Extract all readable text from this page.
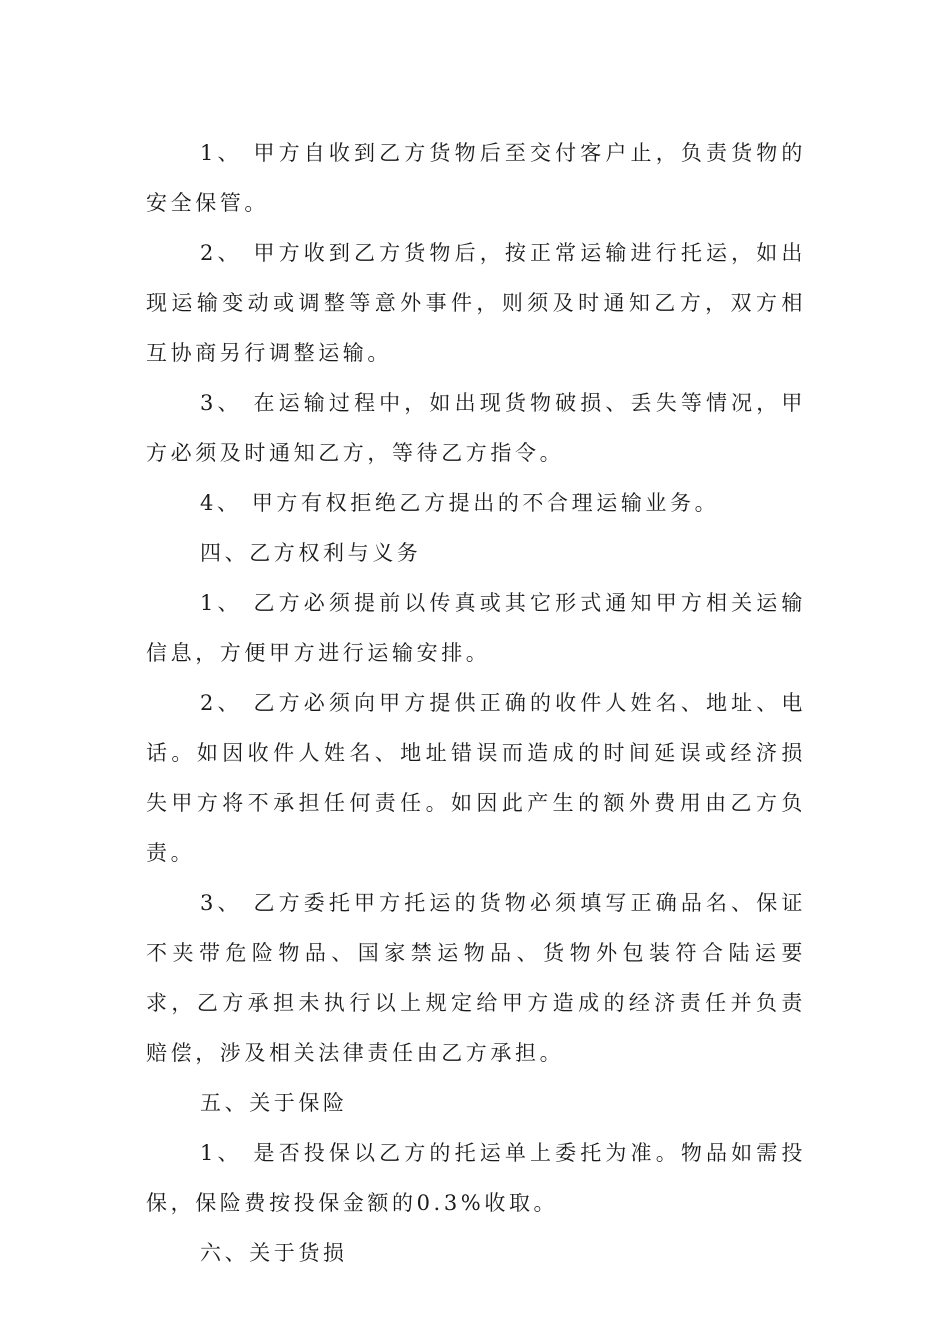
1、 甲方自收到乙方货物后至交付客户止，负责货物的安全保管。

2、 甲方收到乙方货物后，按正常运输进行托运，如出现运输变动或调整等意外事件，则须及时通知乙方，双方相互协商另行调整运输。

3、 在运输过程中，如出现货物破损、丢失等情况，甲方必须及时通知乙方，等待乙方指令。

4、 甲方有权拒绝乙方提出的不合理运输业务。

四、乙方权利与义务

1、 乙方必须提前以传真或其它形式通知甲方相关运输信息，方便甲方进行运输安排。

2、 乙方必须向甲方提供正确的收件人姓名、地址、电话。如因收件人姓名、地址错误而造成的时间延误或经济损失甲方将不承担任何责任。如因此产生的额外费用由乙方负责。

3、 乙方委托甲方托运的货物必须填写正确品名、保证不夹带危险物品、国家禁运物品、货物外包装符合陆运要求，乙方承担未执行以上规定给甲方造成的经济责任并负责赔偿，涉及相关法律责任由乙方承担。

五、关于保险

1、 是否投保以乙方的托运单上委托为准。物品如需投保，保险费按投保金额的0.3%收取。

六、关于货损
